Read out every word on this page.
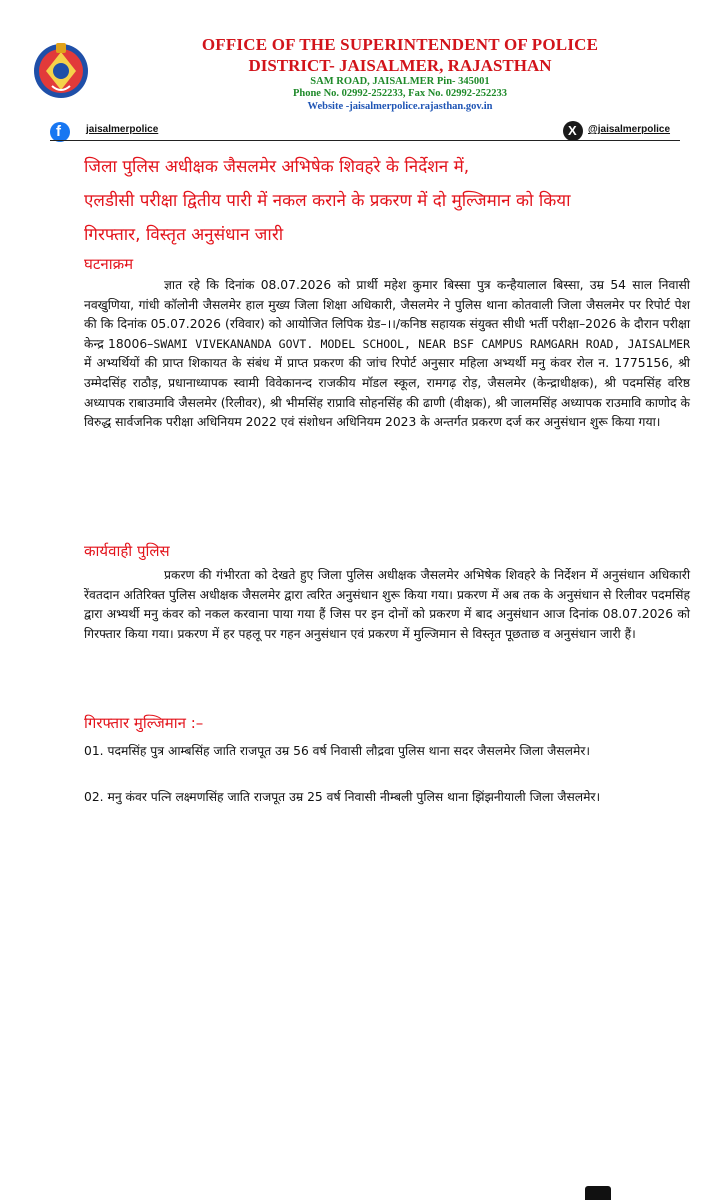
OFFICE OF THE SUPERINTENDENT OF POLICE
DISTRICT- JAISALMER, RAJASTHAN
SAM ROAD, JAISALMER Pin- 345001
Phone No. 02992-252233, Fax No. 02992-252233
Website -jaisalmerpolice.rajasthan.gov.in
f	jaisalmerpolice	X @jaisalmerpolice
जिला पुलिस अधीक्षक जैसलमेर अभिषेक शिवहरे के निर्देशन में,
एलडीसी परीक्षा द्वितीय पारी में नकल कराने के प्रकरण में दो मुल्जिमान को किया
गिरफ्तार, विस्तृत अनुसंधान जारी
घटनाक्रम
ज्ञात रहे कि दिनांक 08.07.2026 को प्रार्थी महेश कुमार बिस्सा पुत्र कन्हैयालाल बिस्सा, उम्र 54 साल निवासी नवखुणिया, गांधी कॉलोनी जैसलमेर हाल मुख्य जिला शिक्षा अधिकारी, जैसलमेर ने पुलिस थाना कोतवाली जिला जैसलमेर पर रिपोर्ट पेश की कि दिनांक 05.07.2026 (रविवार) को आयोजित लिपिक ग्रेड–।।/कनिष्ठ सहायक संयुक्त सीधी भर्ती परीक्षा–2026 के दौरान परीक्षा केन्द्र 18006–SWAMI VIVEKANANDA GOVT. MODEL SCHOOL, NEAR BSF CAMPUS RAMGARH ROAD, JAISALMER में अभ्यर्थियों की प्राप्त शिकायत के संबंध में प्राप्त प्रकरण की जांच रिपोर्ट अनुसार महिला अभ्यर्थी मनु कंवर रोल न. 1775156, श्री उम्मेदसिंह राठौड़, प्रधानाध्यापक स्वामी विवेकानन्द राजकीय मॉडल स्कूल, रामगढ़ रोड़, जैसलमेर (केन्द्राधीक्षक), श्री पदमसिंह वरिष्ठ अध्यापक राबाउमावि जैसलमेर (रिलीवर), श्री भीमसिंह राप्रावि सोहनसिंह की ढाणी (वीक्षक), श्री जालमसिंह अध्यापक राउमावि काणोद के विरुद्ध सार्वजनिक परीक्षा अधिनियम 2022 एवं संशोधन अधिनियम 2023 के अन्तर्गत प्रकरण दर्ज कर अनुसंधान शुरू किया गया।
कार्यवाही पुलिस
प्रकरण की गंभीरता को देखते हुए जिला पुलिस अधीक्षक जैसलमेर अभिषेक शिवहरे के निर्देशन में अनुसंधान अधिकारी रेंवतदान अतिरिक्त पुलिस अधीक्षक जैसलमेर द्वारा त्वरित अनुसंधान शुरू किया गया। प्रकरण में अब तक के अनुसंधान से रिलीवर पदमसिंह द्वारा अभ्यर्थी मनु कंवर को नकल करवाना पाया गया हैं जिस पर इन दोनों को प्रकरण में बाद अनुसंधान आज दिनांक 08.07.2026 को गिरफ्तार किया गया। प्रकरण में हर पहलू पर गहन अनुसंधान एवं प्रकरण में मुल्जिमान से विस्तृत पूछताछ व अनुसंधान जारी हैं।
गिरफ्तार मुल्जिमान :–
01. पदमसिंह पुत्र आम्बसिंह जाति राजपूत उम्र 56 वर्ष निवासी लौद्रवा पुलिस थाना सदर जैसलमेर जिला जैसलमेर।
02. मनु कंवर पत्नि लक्ष्मणसिंह जाति राजपूत उम्र 25 वर्ष निवासी नीम्बली पुलिस थाना झिंझनीयाली जिला जैसलमेर।
